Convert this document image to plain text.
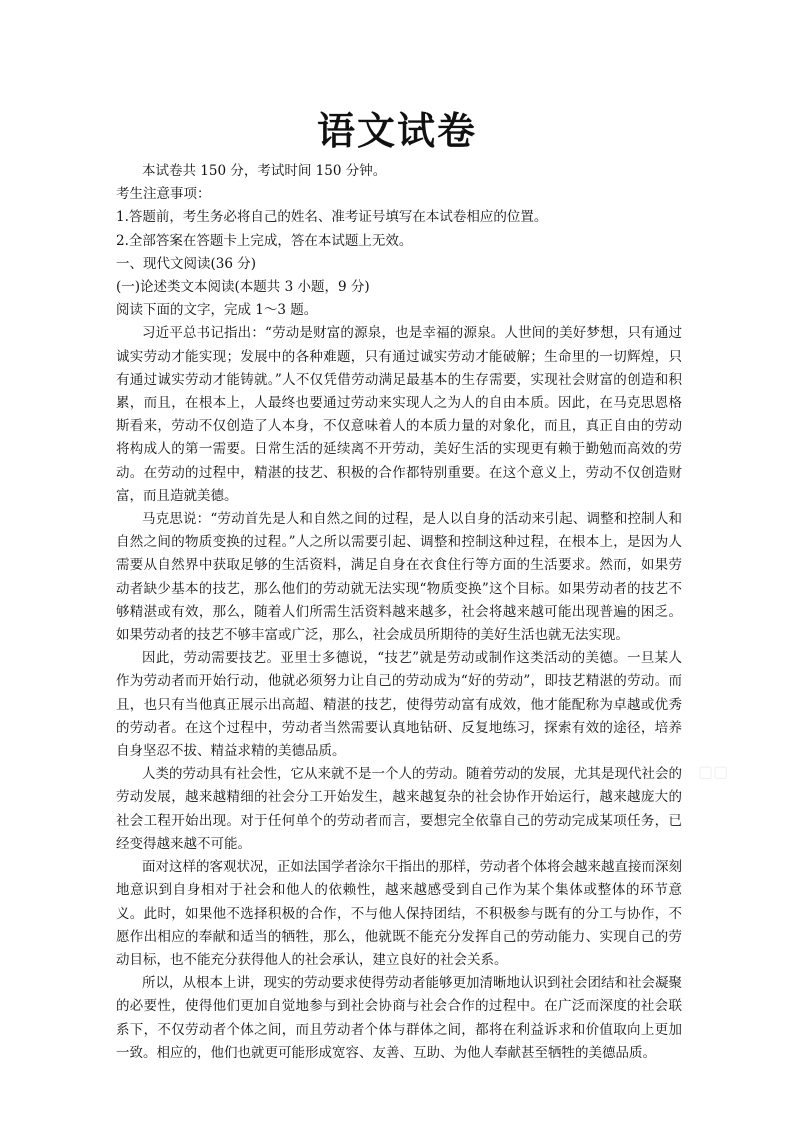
语文试卷

本试卷共 150 分，考试时间 150 分钟。

考生注意事项：

1.答题前，考生务必将自己的姓名、准考证号填写在本试卷相应的位置。

2.全部答案在答题卡上完成，答在本试题上无效。

一、现代文阅读(36 分)

(一)论述类文本阅读(本题共 3 小题，9 分)

阅读下面的文字，完成 1～3 题。

习近平总书记指出：“劳动是财富的源泉，也是幸福的源泉。人世间的美好梦想，只有通过诚实劳动才能实现；发展中的各种难题，只有通过诚实劳动才能破解；生命里的一切辉煌，只有通过诚实劳动才能铸就。”人不仅凭借劳动满足最基本的生存需要，实现社会财富的创造和积累，而且，在根本上，人最终也要通过劳动来实现人之为人的自由本质。因此，在马克思恩格斯看来，劳动不仅创造了人本身，不仅意味着人的本质力量的对象化，而且，真正自由的劳动将构成人的第一需要。日常生活的延续离不开劳动，美好生活的实现更有赖于勤勉而高效的劳动。在劳动的过程中，精湛的技艺、积极的合作都特别重要。在这个意义上，劳动不仅创造财富，而且造就美德。

马克思说：“劳动首先是人和自然之间的过程，是人以自身的活动来引起、调整和控制人和自然之间的物质变换的过程。”人之所以需要引起、调整和控制这种过程，在根本上，是因为人需要从自然界中获取足够的生活资料，满足自身在衣食住行等方面的生活要求。然而，如果劳动者缺少基本的技艺，那么他们的劳动就无法实现“物质变换”这个目标。如果劳动者的技艺不够精湛或有效，那么，随着人们所需生活资料越来越多，社会将越来越可能出现普遍的困乏。如果劳动者的技艺不够丰富或广泛，那么，社会成员所期待的美好生活也就无法实现。

因此，劳动需要技艺。亚里士多德说，“技艺”就是劳动或制作这类活动的美德。一旦某人作为劳动者而开始行动，他就必须努力让自己的劳动成为“好的劳动”，即技艺精湛的劳动。而且，也只有当他真正展示出高超、精湛的技艺，使得劳动富有成效，他才能配称为卓越或优秀的劳动者。在这个过程中，劳动者当然需要认真地钻研、反复地练习，探索有效的途径，培养自身坚忍不拔、精益求精的美德品质。

人类的劳动具有社会性，它从来就不是一个人的劳动。随着劳动的发展，尤其是现代社会的劳动发展，越来越精细的社会分工开始发生，越来越复杂的社会协作开始运行，越来越庞大的社会工程开始出现。对于任何单个的劳动者而言，要想完全依靠自己的劳动完成某项任务，已经变得越来越不可能。

面对这样的客观状况，正如法国学者涂尔干指出的那样，劳动者个体将会越来越直接而深刻地意识到自身相对于社会和他人的依赖性，越来越感受到自己作为某个集体或整体的环节意义。此时，如果他不选择积极的合作，不与他人保持团结，不积极参与既有的分工与协作，不愿作出相应的奉献和适当的牺牲，那么，他就既不能充分发挥自己的劳动能力、实现自己的劳动目标，也不能充分获得他人的社会承认，建立良好的社会关系。

所以，从根本上讲，现实的劳动要求使得劳动者能够更加清晰地认识到社会团结和社会凝聚的必要性，使得他们更加自觉地参与到社会协商与社会合作的过程中。在广泛而深度的社会联系下，不仅劳动者个体之间，而且劳动者个体与群体之间，都将在利益诉求和价值取向上更加一致。相应的，他们也就更可能形成宽容、友善、互助、为他人奉献甚至牺牲的美德品质。

▢▢
